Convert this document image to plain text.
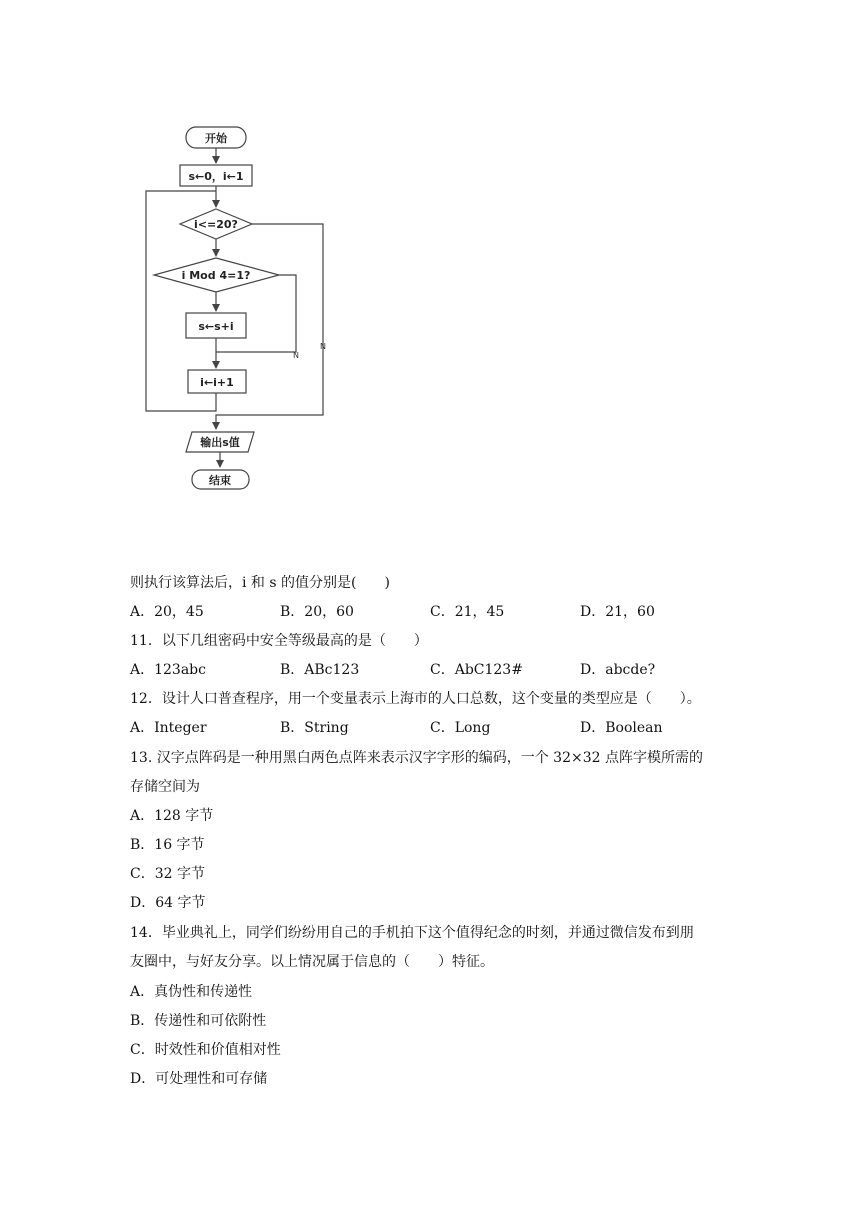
开始
s←0，i←1
i<=20?
i Mod 4=1?
s←s+i
i←i+1
输出s值
结束
N
N
则执行该算法后，i 和 s 的值分别是(　　)
A．20，45	B．20，60	C．21，45	D．21，60
11．以下几组密码中安全等级最高的是（　　）
A．123abc	B．ABc123	C．AbC123#	D．abcde?
12．设计人口普查程序，用一个变量表示上海市的人口总数，这个变量的类型应是（　　）。
A．Integer	B．String	C．Long	D．Boolean
13. 汉字点阵码是一种用黑白两色点阵来表示汉字字形的编码，一个 32×32 点阵字模所需的
存储空间为
A．128 字节
B．16 字节
C．32 字节
D．64 字节
14．毕业典礼上，同学们纷纷用自己的手机拍下这个值得纪念的时刻，并通过微信发布到朋
友圈中，与好友分享。以上情况属于信息的（　　）特征。
A．真伪性和传递性
B．传递性和可依附性
C．时效性和价值相对性
D．可处理性和可存储
